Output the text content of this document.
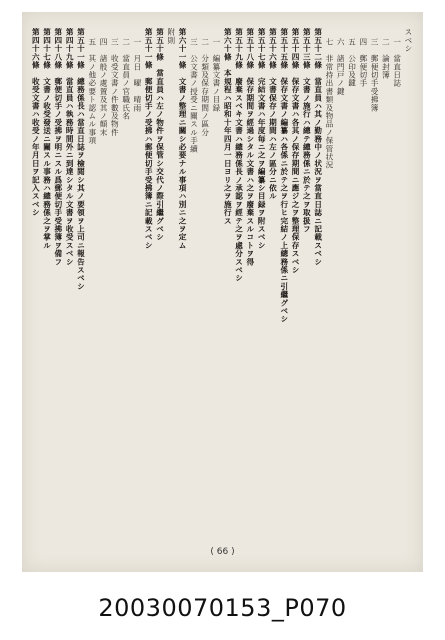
スベシ
一　當直日誌
二　論封簿
三　郵便切手受拂簿
四　郵便切手
五　公印及鍵
六　諸門戸ノ鍵
七　非常持出書類及物品ノ保管状況
第五十二條　當直員ハ其ノ勤務中ノ状況ヲ當直日誌ニ記載スベシ
第五十三條　文書ノ施行ハ總テ總務係ニ於テ之ヲ取扱フ
第五十四條　保存文書ハ各其ノ保存期間ニ應ジ之ヲ整理保存スベシ
第五十五條　保存文書ノ編纂ハ各係ニ於テ之ヲ行ヒ完結ノ上總務係ニ引繼グベシ
第五十六條　文書保存ノ期間ハ左ノ區分ニ依ル
第五十七條　完結文書ハ年度毎ニ之ヲ編纂シ目録ヲ附スベシ
第五十八條　保存期間ヲ經過シタル文書ハ之ヲ廢棄スルコトヲ得
第五十九條　廢棄スベキ文書ハ總務係長ノ承認ヲ經テ之ヲ處分スベシ
第六十條　本規程ハ昭和十年四月一日ヨリ之ヲ施行ス
一　編纂文書ノ目録
二　分類及保存期間ノ區分
三　公文書ノ授受ニ關スル手續
第六十一條　文書ノ整理ニ關シ必要ナル事項ハ別ニ之ヲ定ム
附則
第五十條　當直員ハ左ノ物件ヲ保管シ交代ノ際引繼グベシ
第五十一條　郵便切手ノ受拂ハ郵便切手受拂簿ニ記載スベシ
一　月日　曜　晴雨
二　當直員ノ官職氏名
三　收受文書ノ件數及物件
四　諸般ノ處置及其ノ顛末
五　其ノ他必要ト認ムル事項
第五十一條　總務係長ハ當直日誌ヲ檢閲シ其ノ要領ヲ上司ニ報告スベシ
第四十九條　當直員ハ執務時間外ニ到達シタル文書ヲ收受スベシ
第四十八條　郵便切手ノ受拂ヲ明ニスル爲郵便切手受拂簿ヲ備フ
第四十七條　文書ノ收受發送ニ關スル事務ハ總務係之ヲ掌ル
第四十六條　收受文書ハ收受ノ年月日ヲ記入スベシ
( 66 )
20030070153_P070
